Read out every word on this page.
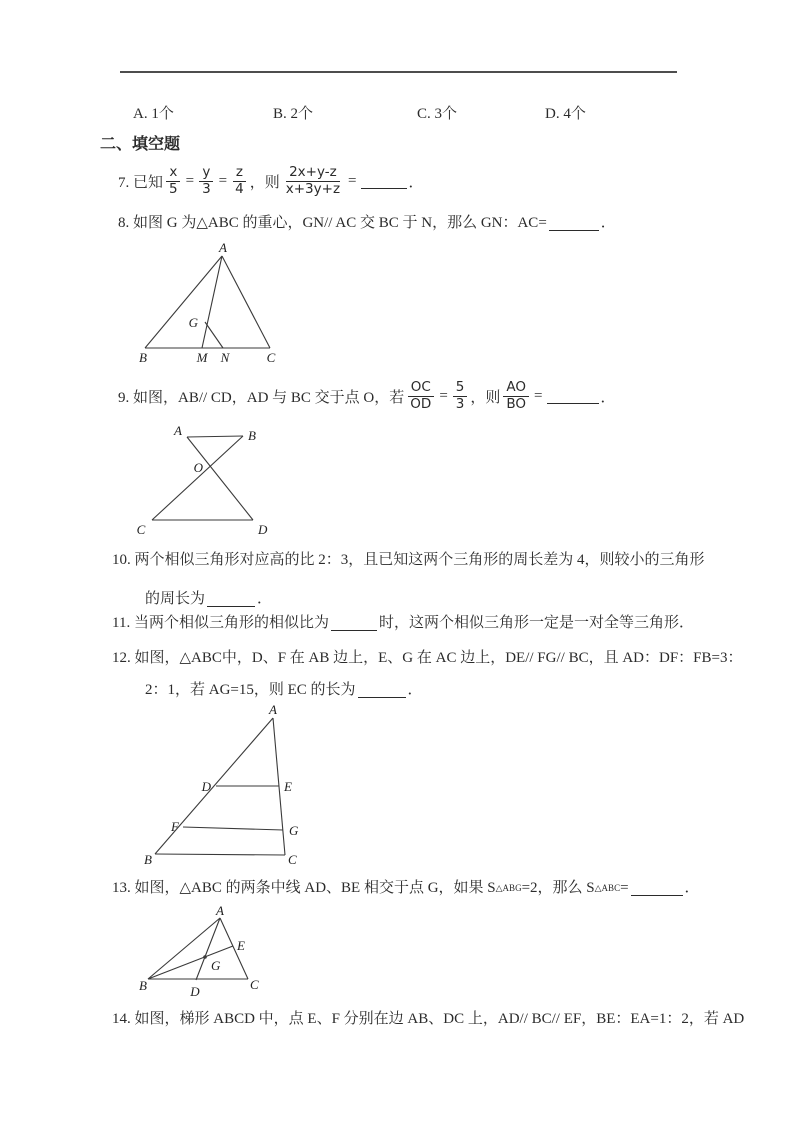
A. 1个	B. 2个	C. 3个	D. 4个
二、填空题
7. 已知 $\frac{x}{5} = \frac{y}{3} = \frac{z}{4}$ ，则 $\frac{2x+y-z}{x+3y+z}$ =	．
8. 如图 G 为△ABC 的重心，GN// AC 交 BC 于 N，那么 GN：AC=	．
A
B	M N	C
G
9. 如图，AB// CD，AD 与 BC 交于点 O，若 $\frac{OC}{OD} = \frac{5}{3}$ ，则 $\frac{AO}{BO}$ =	．
A	B
O
C	D
10. 两个相似三角形对应高的比 2：3，且已知这两个三角形的周长差为 4，则较小的三角形
的周长为	．
11. 当两个相似三角形的相似比为	时，这两个相似三角形一定是一对全等三角形．
12. 如图，△ABC中，D、F 在 AB 边上，E、G 在 AC 边上，DE// FG// BC，且 AD：DF：FB=3：
2：1，若 AG=15，则 EC 的长为	．
A
B	C
D	E
F	G
13. 如图，△ABC 的两条中线 AD、BE 相交于点 G，如果 S △ABG =2，那么 S △ABC =	．
A
B	C
D
E
G
14. 如图，梯形 ABCD 中，点 E、F 分别在边 AB、DC 上，AD// BC// EF，BE：EA=1：2，若 AD
